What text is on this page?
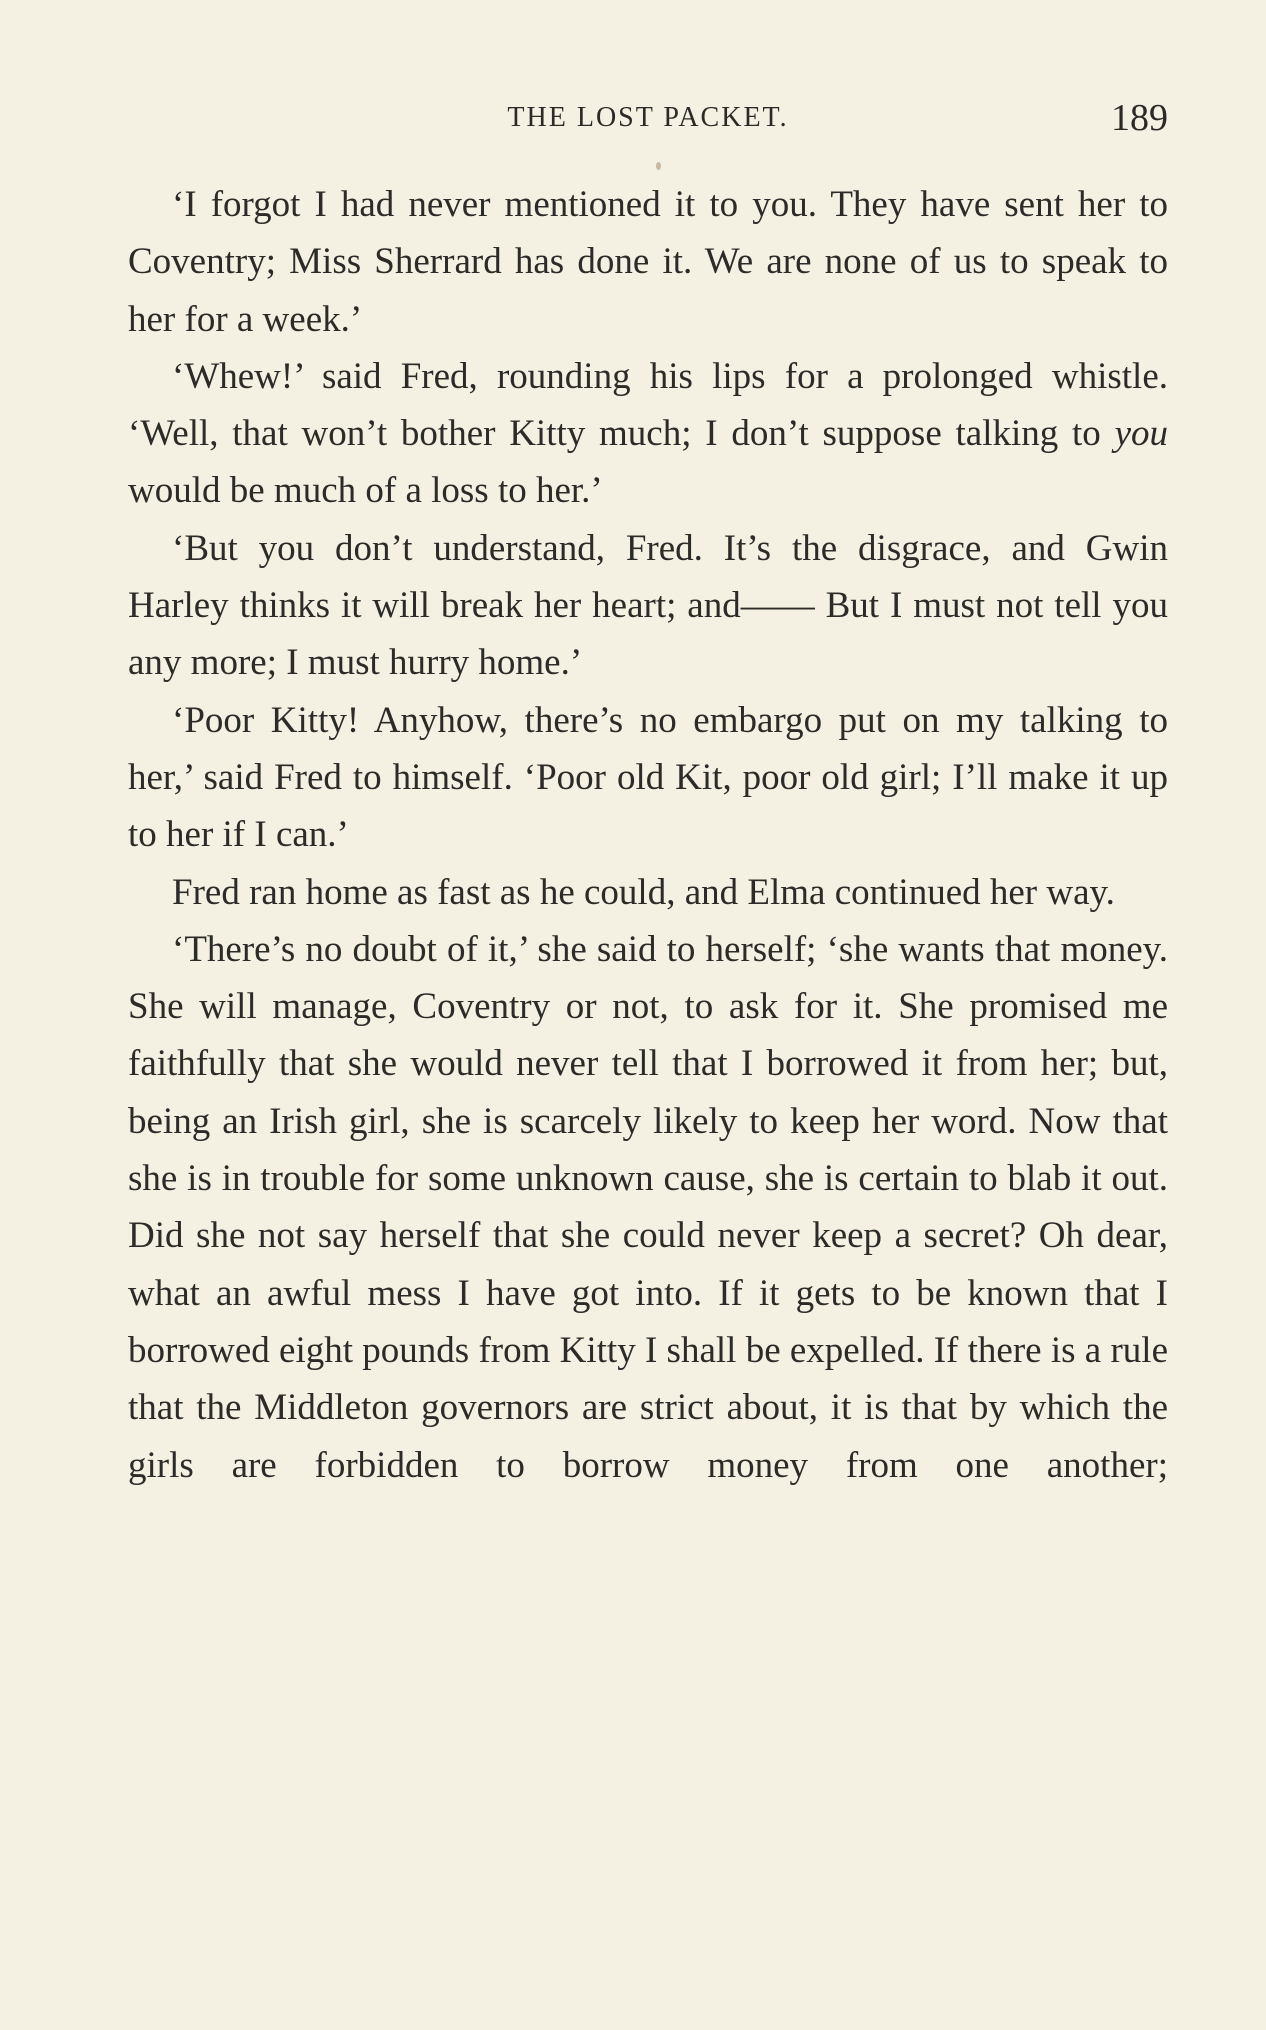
THE LOST PACKET.	189

‘I forgot I had never mentioned it to you. They have sent her to Coventry; Miss Sherrard has done it. We are none of us to speak to her for a week.’

‘Whew!’ said Fred, rounding his lips for a prolonged whistle. ‘Well, that won’t bother Kitty much; I don’t suppose talking to you would be much of a loss to her.’

‘But you don’t understand, Fred. It’s the disgrace, and Gwin Harley thinks it will break her heart; and—— But I must not tell you any more; I must hurry home.’

‘Poor Kitty! Anyhow, there’s no embargo put on my talking to her,’ said Fred to himself. ‘Poor old Kit, poor old girl; I’ll make it up to her if I can.’

Fred ran home as fast as he could, and Elma continued her way.

‘There’s no doubt of it,’ she said to herself; ‘she wants that money. She will manage, Coventry or not, to ask for it. She promised me faithfully that she would never tell that I borrowed it from her; but, being an Irish girl, she is scarcely likely to keep her word. Now that she is in trouble for some unknown cause, she is certain to blab it out. Did she not say herself that she could never keep a secret? Oh dear, what an awful mess I have got into. If it gets to be known that I borrowed eight pounds from Kitty I shall be expelled. If there is a rule that the Middleton governors are strict about, it is that by which the girls are forbidden to borrow money from one another;
